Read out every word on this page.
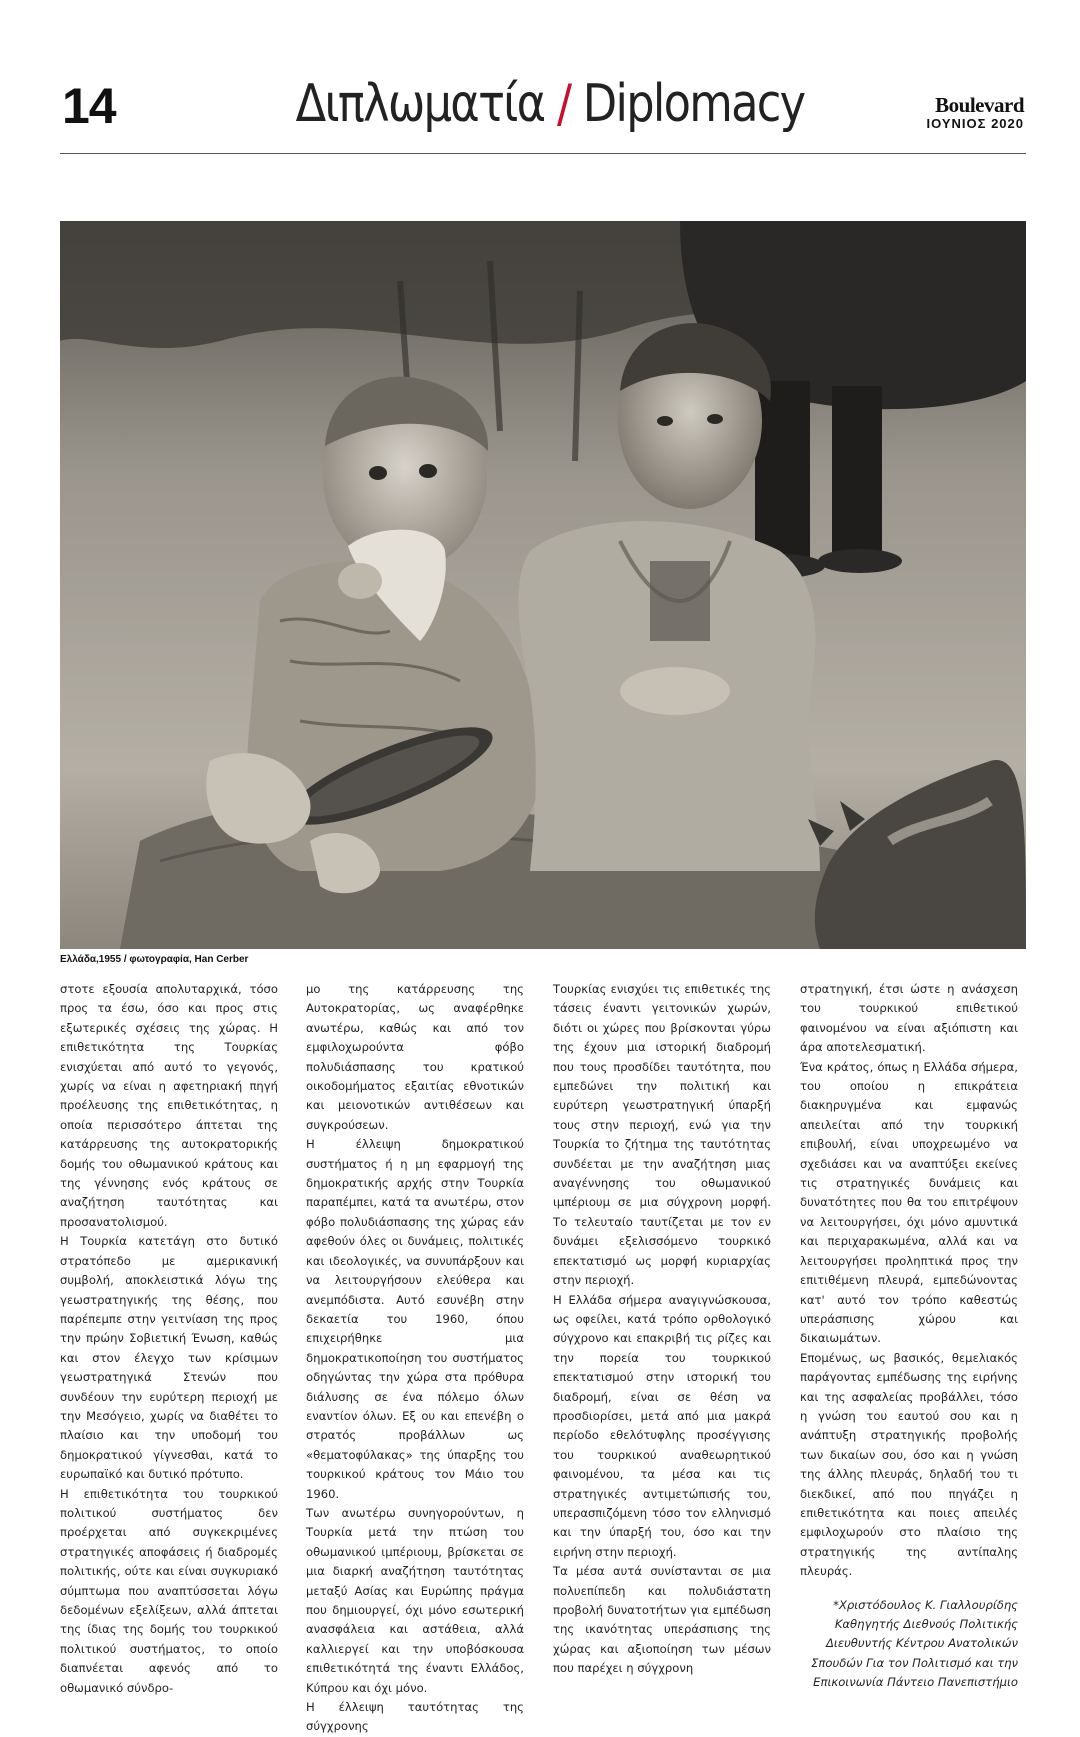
14	Διπλωματία / Diplomacy	Boulevard
ΙΟΥΝΙΟΣ 2020
Ελλάδα,1955 / φωτογραφία, Han Cerber

στοτε εξουσία απολυταρχικά, τόσο προς τα έσω, όσο και προς στις εξωτερικές σχέσεις της χώρας. Η επιθετικότητα της Τουρκίας ενισχύεται από αυτό το γεγονός, χωρίς να είναι η αφετηριακή πηγή προέλευσης της επιθετικότητας, η οποία περισσότερο άπτεται της κατάρρευσης της αυτοκρατορικής δομής του οθωμανικού κράτους και της γέννησης ενός κράτους σε αναζήτηση ταυτότητας και προσανατολισμού.

Η Τουρκία κατετάγη στο δυτικό στρατόπεδο με αμερικανική συμβολή, αποκλειστικά λόγω της γεωστρατηγικής της θέσης, που παρέπεμπε στην γειτνίαση της προς την πρώην Σοβιετική Ένωση, καθώς και στον έλεγχο των κρίσιμων γεωστρατηγικά Στενών που συνδέουν την ευρύτερη περιοχή με την Μεσόγειο, χωρίς να διαθέτει το πλαίσιο και την υποδομή του δημοκρατικού γίγνεσθαι, κατά το ευρωπαϊκό και δυτικό πρότυπο.

Η επιθετικότητα του τουρκικού πολιτικού συστήματος δεν προέρχεται από συγκεκριμένες στρατηγικές αποφάσεις ή διαδρομές πολιτικής, ούτε και είναι συγκυριακό σύμπτωμα που αναπτύσσεται λόγω δεδομένων εξελίξεων, αλλά άπτεται της ίδιας της δομής του τουρκικού πολιτικού συστήματος, το οποίο διαπνέεται αφενός από το οθωμανικό σύνδρο-

μο της κατάρρευσης της Αυτοκρατορίας, ως αναφέρθηκε ανωτέρω, καθώς και από τον εμφιλοχωρούντα φόβο πολυδιάσπασης του κρατικού οικοδομήματος εξαιτίας εθνοτικών και μειονοτικών αντιθέσεων και συγκρούσεων.

Η έλλειψη δημοκρατικού συστήματος ή η μη εφαρμογή της δημοκρατικής αρχής στην Τουρκία παραπέμπει, κατά τα ανωτέρω, στον φόβο πολυδιάσπασης της χώρας εάν αφεθούν όλες οι δυνάμεις, πολιτικές και ιδεολογικές, να συνυπάρξουν και να λειτουργήσουν ελεύθερα και ανεμπόδιστα. Αυτό εσυνέβη στην δεκαετία του 1960, όπου επιχειρήθηκε μια δημοκρατικοποίηση του συστήματος οδηγώντας την χώρα στα πρόθυρα διάλυσης σε ένα πόλεμο όλων εναντίον όλων. Εξ ου και επενέβη ο στρατός προβάλλων ως «θεματοφύλακας» της ύπαρξης του τουρκικού κράτους τον Μάιο του 1960.

Των ανωτέρω συνηγορούντων, η Τουρκία μετά την πτώση του οθωμανικού ιμπέριουμ, βρίσκεται σε μια διαρκή αναζήτηση ταυτότητας μεταξύ Ασίας και Ευρώπης πράγμα που δημιουργεί, όχι μόνο εσωτερική ανασφάλεια και αστάθεια, αλλά καλλιεργεί και την υποβόσκουσα επιθετικότητά της έναντι Ελλάδος, Κύπρου και όχι μόνο.

Η έλλειψη ταυτότητας της σύγχρονης

Τουρκίας ενισχύει τις επιθετικές της τάσεις έναντι γειτονικών χωρών, διότι οι χώρες που βρίσκονται γύρω της έχουν μια ιστορική διαδρομή που τους προσδίδει ταυτότητα, που εμπεδώνει την πολιτική και ευρύτερη γεωστρατηγική ύπαρξή τους στην περιοχή, ενώ για την Τουρκία το ζήτημα της ταυτότητας συνδέεται με την αναζήτηση μιας αναγέννησης του οθωμανικού ιμπέριουμ σε μια σύγχρονη μορφή. Το τελευταίο ταυτίζεται με τον εν δυνάμει εξελισσόμενο τουρκικό επεκτατισμό ως μορφή κυριαρχίας στην περιοχή.

Η Ελλάδα σήμερα αναγιγνώσκουσα, ως οφείλει, κατά τρόπο ορθολογικό σύγχρονο και επακριβή τις ρίζες και την πορεία του τουρκικού επεκτατισμού στην ιστορική του διαδρομή, είναι σε θέση να προσδιορίσει, μετά από μια μακρά περίοδο εθελότυφλης προσέγγισης του τουρκικού αναθεωρητικού φαινομένου, τα μέσα και τις στρατηγικές αντιμετώπισής του, υπερασπιζόμενη τόσο τον ελληνισμό και την ύπαρξή του, όσο και την ειρήνη στην περιοχή.

Τα μέσα αυτά συνίστανται σε μια πολυεπίπεδη και πολυδιάστατη προβολή δυνατοτήτων για εμπέδωση της ικανότητας υπεράσπισης της χώρας και αξιοποίηση των μέσων που παρέχει η σύγχρονη

στρατηγική, έτσι ώστε η ανάσχεση του τουρκικού επιθετικού φαινομένου να είναι αξιόπιστη και άρα αποτελεσματική.

Ένα κράτος, όπως η Ελλάδα σήμερα, του οποίου η επικράτεια διακηρυγμένα και εμφανώς απειλείται από την τουρκική επιβουλή, είναι υποχρεωμένο να σχεδιάσει και να αναπτύξει εκείνες τις στρατηγικές δυνάμεις και δυνατότητες που θα του επιτρέψουν να λειτουργήσει, όχι μόνο αμυντικά και περιχαρακωμένα, αλλά και να λειτουργήσει προληπτικά προς την επιτιθέμενη πλευρά, εμπεδώνοντας κατ' αυτό τον τρόπο καθεστώς υπεράσπισης χώρου και δικαιωμάτων.

Επομένως, ως βασικός, θεμελιακός παράγοντας εμπέδωσης της ειρήνης και της ασφαλείας προβάλλει, τόσο η γνώση του εαυτού σου και η ανάπτυξη στρατηγικής προβολής των δικαίων σου, όσο και η γνώση της άλλης πλευράς, δηλαδή του τι διεκδικεί, από που πηγάζει η επιθετικότητα και ποιες απειλές εμφιλοχωρούν στο πλαίσιο της στρατηγικής της αντίπαλης πλευράς.

*Χριστόδουλος Κ. Γιαλλουρίδης
Καθηγητής Διεθνούς Πολιτικής
Διευθυντής Κέντρου Ανατολικών Σπουδών Για τον Πολιτισμό και την Επικοινωνία Πάντειο Πανεπιστήμιο
